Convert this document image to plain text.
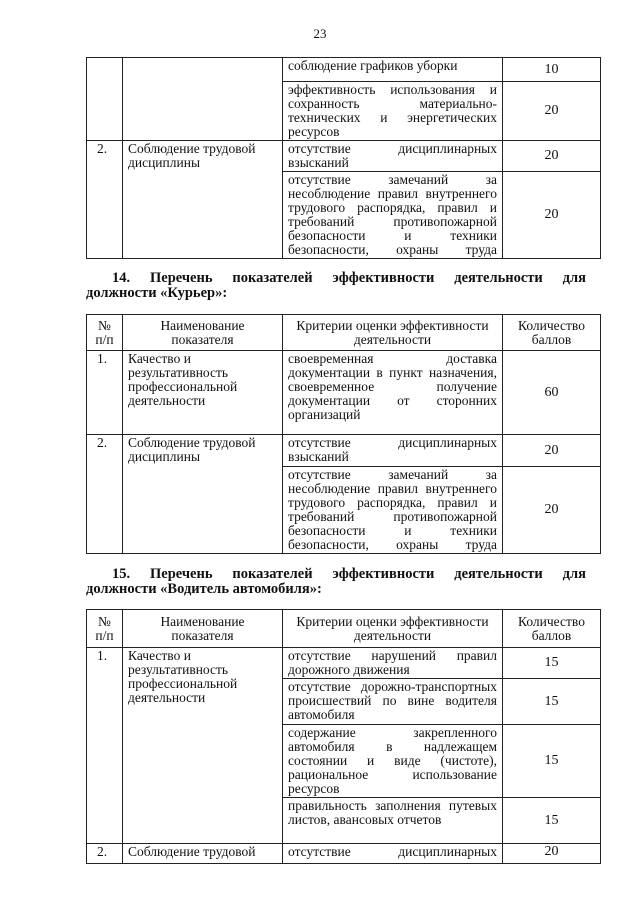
23
		соблюдение графиков уборки	10
		эффективность использования и сохранность материально-технических и энергетических ресурсов	20
2.	Соблюдение трудовой дисциплины	отсутствие дисциплинарных взысканий	20
		отсутствие замечаний за несоблюдение правил внутреннего трудового распорядка, правил и требований противопожарной безопасности и техники безопасности, охраны труда	20
14. Перечень показателей эффективности деятельности для
должности «Курьер»:
№ п/п	Наименование показателя	Критерии оценки эффективности деятельности	Количество баллов
1.	Качество и результативность профессиональной деятельности	своевременная доставка документации в пункт назначения, своевременное получение документации от сторонних организаций	60
2.	Соблюдение трудовой дисциплины	отсутствие дисциплинарных взысканий	20
		отсутствие замечаний за несоблюдение правил внутреннего трудового распорядка, правил и требований противопожарной безопасности и техники безопасности, охраны труда	20
15. Перечень показателей эффективности деятельности для
должности «Водитель автомобиля»:
№ п/п	Наименование показателя	Критерии оценки эффективности деятельности	Количество баллов
1.	Качество и результативность профессиональной деятельности	отсутствие нарушений правил дорожного движения	15
		отсутствие дорожно-транспортных происшествий по вине водителя автомобиля	15
		содержание закрепленного автомобиля в надлежащем состоянии и виде (чистоте), рациональное использование ресурсов	15
		правильность заполнения путевых листов, авансовых отчетов	15
2.	Соблюдение трудовой	отсутствие дисциплинарных	20
